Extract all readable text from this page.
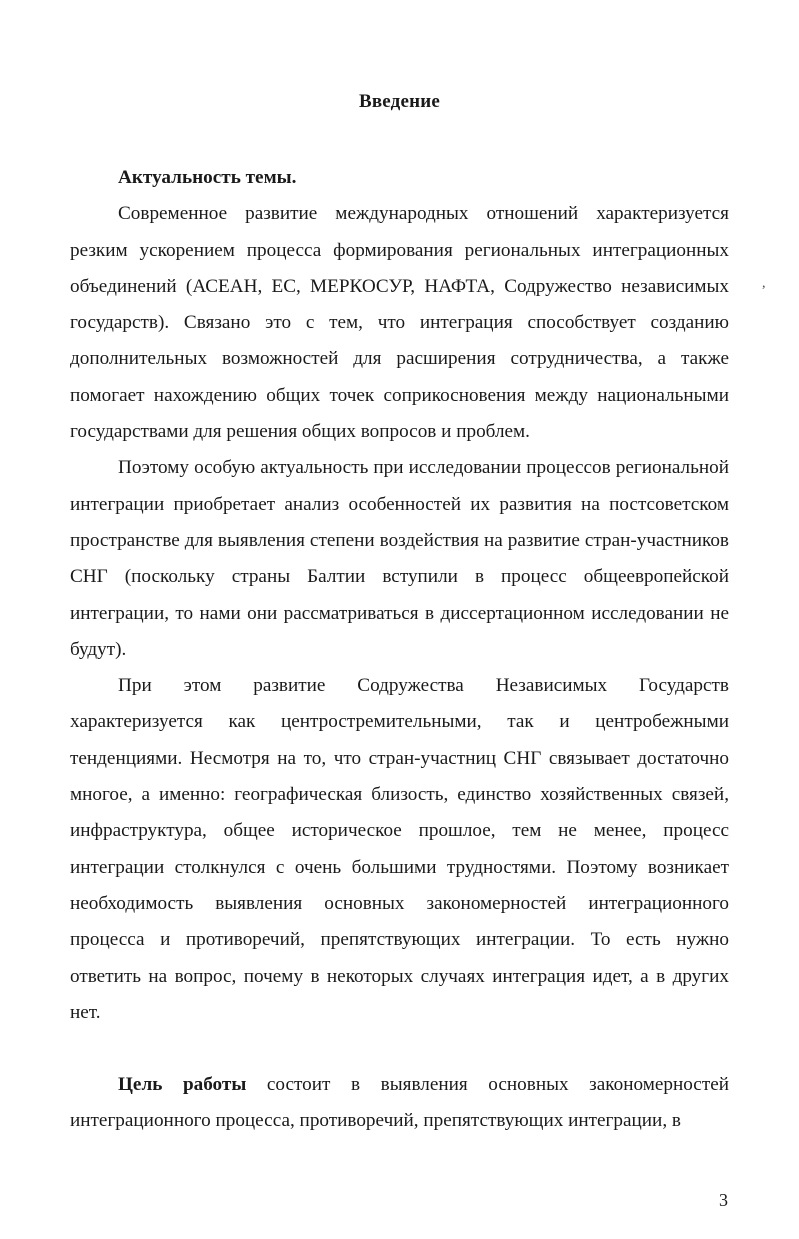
Введение

Актуальность темы.

Современное развитие международных отношений характеризуется резким ускорением процесса формирования региональных интеграционных объединений (АСЕАН, ЕС, МЕРКОСУР, НАФТА, Содружество независимых государств). Связано это с тем, что интеграция способствует созданию дополнительных возможностей для расширения сотрудничества, а также помогает нахождению общих точек соприкосновения между национальными государствами для решения общих вопросов и проблем.

Поэтому особую актуальность при исследовании процессов региональной интеграции приобретает анализ особенностей их развития на постсоветском пространстве для выявления степени воздействия на развитие стран-участников СНГ (поскольку страны Балтии вступили в процесс общеевропейской интеграции, то нами они рассматриваться в диссертационном исследовании не будут).

При этом развитие Содружества Независимых Государств характеризуется как центростремительными, так и центробежными тенденциями. Несмотря на то, что стран-участниц СНГ связывает достаточно многое, а именно: географическая близость, единство хозяйственных связей, инфраструктура, общее историческое прошлое, тем не менее, процесс интеграции столкнулся с очень большими трудностями. Поэтому возникает необходимость выявления основных закономерностей интеграционного процесса и противоречий, препятствующих интеграции. То есть нужно ответить на вопрос, почему в некоторых случаях интеграция идет, а в других нет.

Цель работы состоит в выявления основных закономерностей интеграционного процесса, противоречий, препятствующих интеграции, в

3
,
